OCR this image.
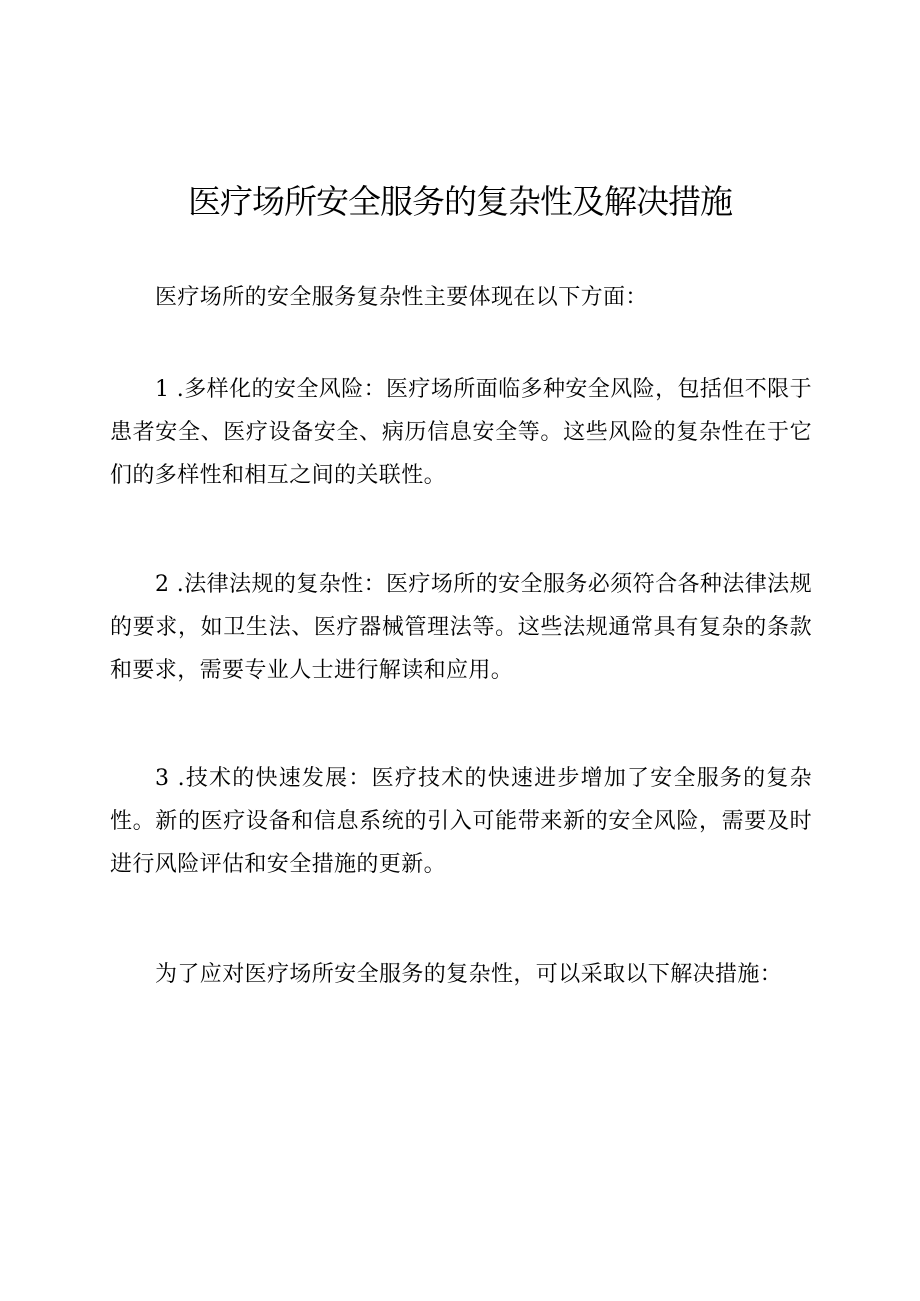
医疗场所安全服务的复杂性及解决措施

医疗场所的安全服务复杂性主要体现在以下方面：

1 .多样化的安全风险：医疗场所面临多种安全风险，包括但不限于患者安全、医疗设备安全、病历信息安全等。这些风险的复杂性在于它们的多样性和相互之间的关联性。

2 .法律法规的复杂性：医疗场所的安全服务必须符合各种法律法规的要求，如卫生法、医疗器械管理法等。这些法规通常具有复杂的条款和要求，需要专业人士进行解读和应用。

3 .技术的快速发展：医疗技术的快速进步增加了安全服务的复杂性。新的医疗设备和信息系统的引入可能带来新的安全风险，需要及时进行风险评估和安全措施的更新。

为了应对医疗场所安全服务的复杂性，可以采取以下解决措施：
